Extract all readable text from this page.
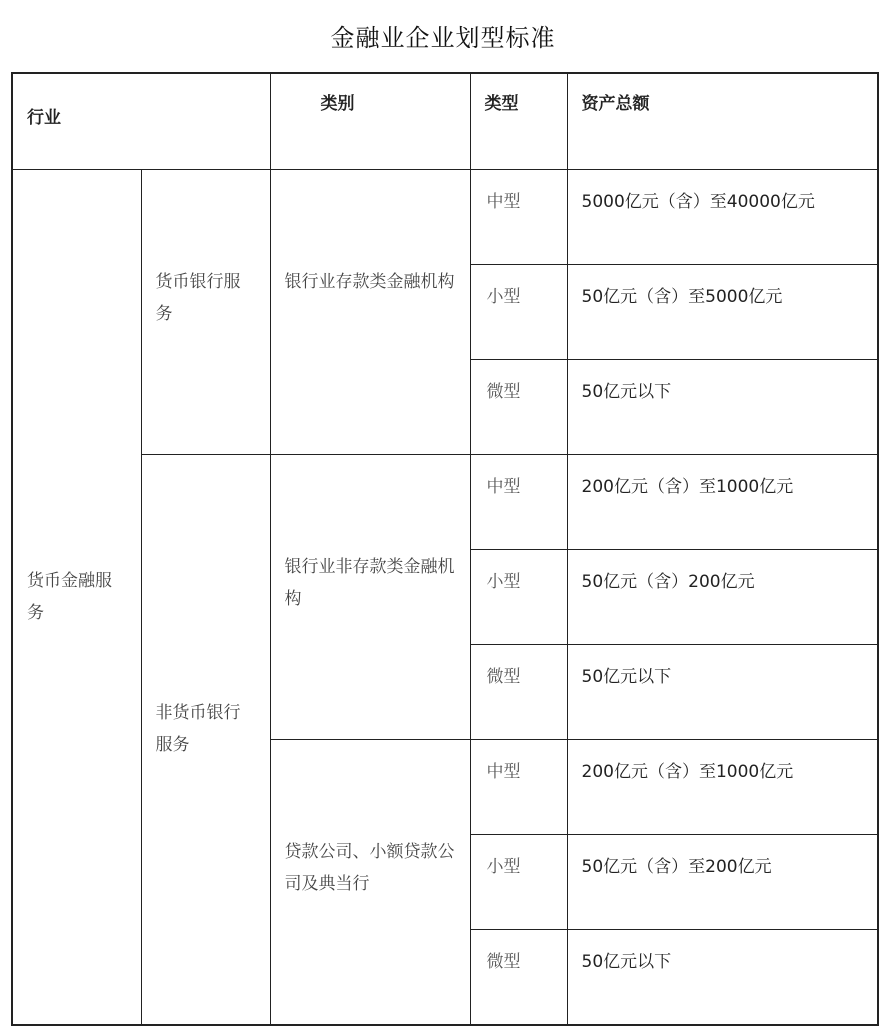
金融业企业划型标准
行业		类别	类型	资产总额

货币金融服务	货币银行服务	银行业存款类金融机构	中型	5000亿元（含）至40000亿元

			小型	50亿元（含）至5000亿元

			微型	50亿元以下

	非货币银行服务	银行业非存款类金融机构	中型	200亿元（含）至1000亿元

			小型	50亿元（含）200亿元

			微型	50亿元以下

		贷款公司、小额贷款公司及典当行	中型	200亿元（含）至1000亿元

			小型	50亿元（含）至200亿元

			微型	50亿元以下
